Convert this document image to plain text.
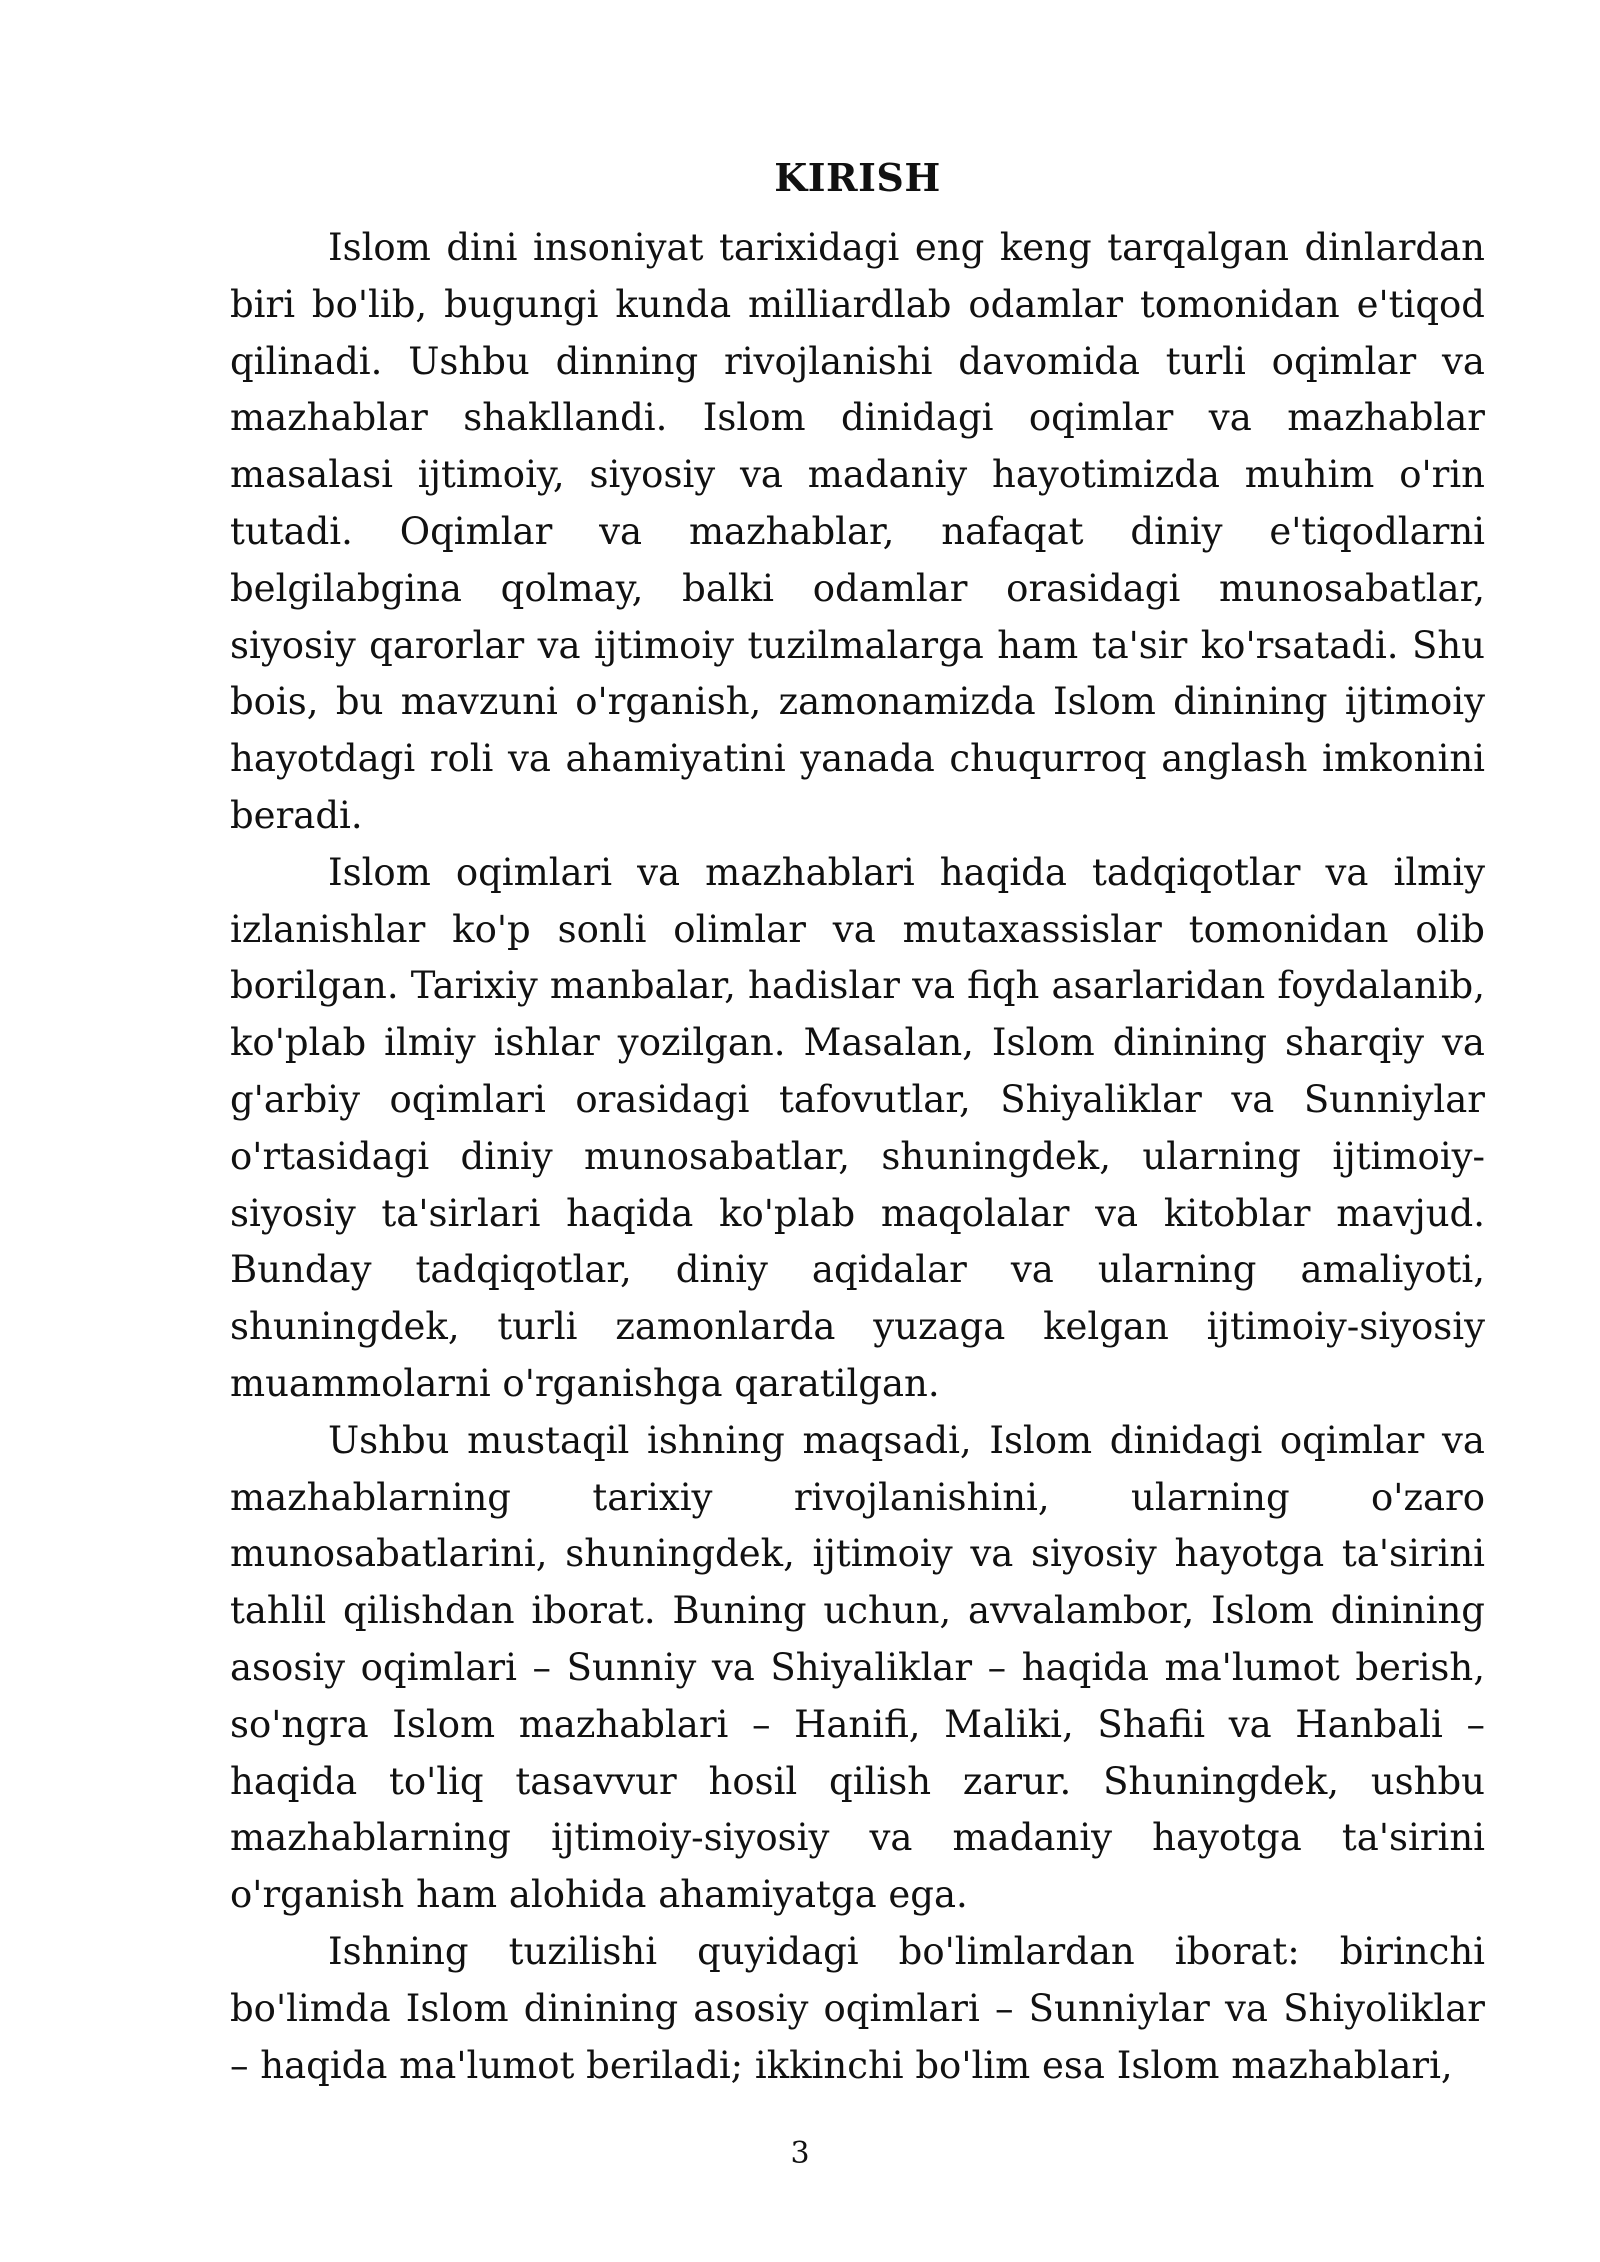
KIRISH

Islom dini insoniyat tarixidagi eng keng tarqalgan dinlardan biri bo'lib, bugungi kunda milliardlab odamlar tomonidan e'tiqod qilinadi. Ushbu dinning rivojlanishi davomida turli oqimlar va mazhablar shakllandi. Islom dinidagi oqimlar va mazhablar masalasi ijtimoiy, siyosiy va madaniy hayotimizda muhim o'rin tutadi. Oqimlar va mazhablar, nafaqat diniy e'tiqodlarni belgilabgina qolmay, balki odamlar orasidagi munosabatlar, siyosiy qarorlar va ijtimoiy tuzilmalarga ham ta'sir ko'rsatadi. Shu bois, bu mavzuni o'rganish, zamonamizda Islom dinining ijtimoiy hayotdagi roli va ahamiyatini yanada chuqurroq anglash imkonini beradi.

Islom oqimlari va mazhablari haqida tadqiqotlar va ilmiy izlanishlar ko'p sonli olimlar va mutaxassislar tomonidan olib borilgan. Tarixiy manbalar, hadislar va fiqh asarlaridan foydalanib, ko'plab ilmiy ishlar yozilgan. Masalan, Islom dinining sharqiy va g'arbiy oqimlari orasidagi tafovutlar, Shiyaliklar va Sunniylar o'rtasidagi diniy munosabatlar, shuningdek, ularning ijtimoiy-siyosiy ta'sirlari haqida ko'plab maqolalar va kitoblar mavjud. Bunday tadqiqotlar, diniy aqidalar va ularning amaliyoti, shuningdek, turli zamonlarda yuzaga kelgan ijtimoiy-siyosiy muammolarni o'rganishga qaratilgan.

Ushbu mustaqil ishning maqsadi, Islom dinidagi oqimlar va mazhablarning tarixiy rivojlanishini, ularning o'zaro munosabatlarini, shuningdek, ijtimoiy va siyosiy hayotga ta'sirini tahlil qilishdan iborat. Buning uchun, avvalambor, Islom dinining asosiy oqimlari – Sunniy va Shiyaliklar – haqida ma'lumot berish, so'ngra Islom mazhablari – Hanifi, Maliki, Shafii va Hanbali – haqida to'liq tasavvur hosil qilish zarur. Shuningdek, ushbu mazhablarning ijtimoiy-siyosiy va madaniy hayotga ta'sirini o'rganish ham alohida ahamiyatga ega.

Ishning tuzilishi quyidagi bo'limlardan iborat: birinchi bo'limda Islom dinining asosiy oqimlari – Sunniylar va Shiyoliklar – haqida ma'lumot beriladi; ikkinchi bo'lim esa Islom mazhablari,

3
